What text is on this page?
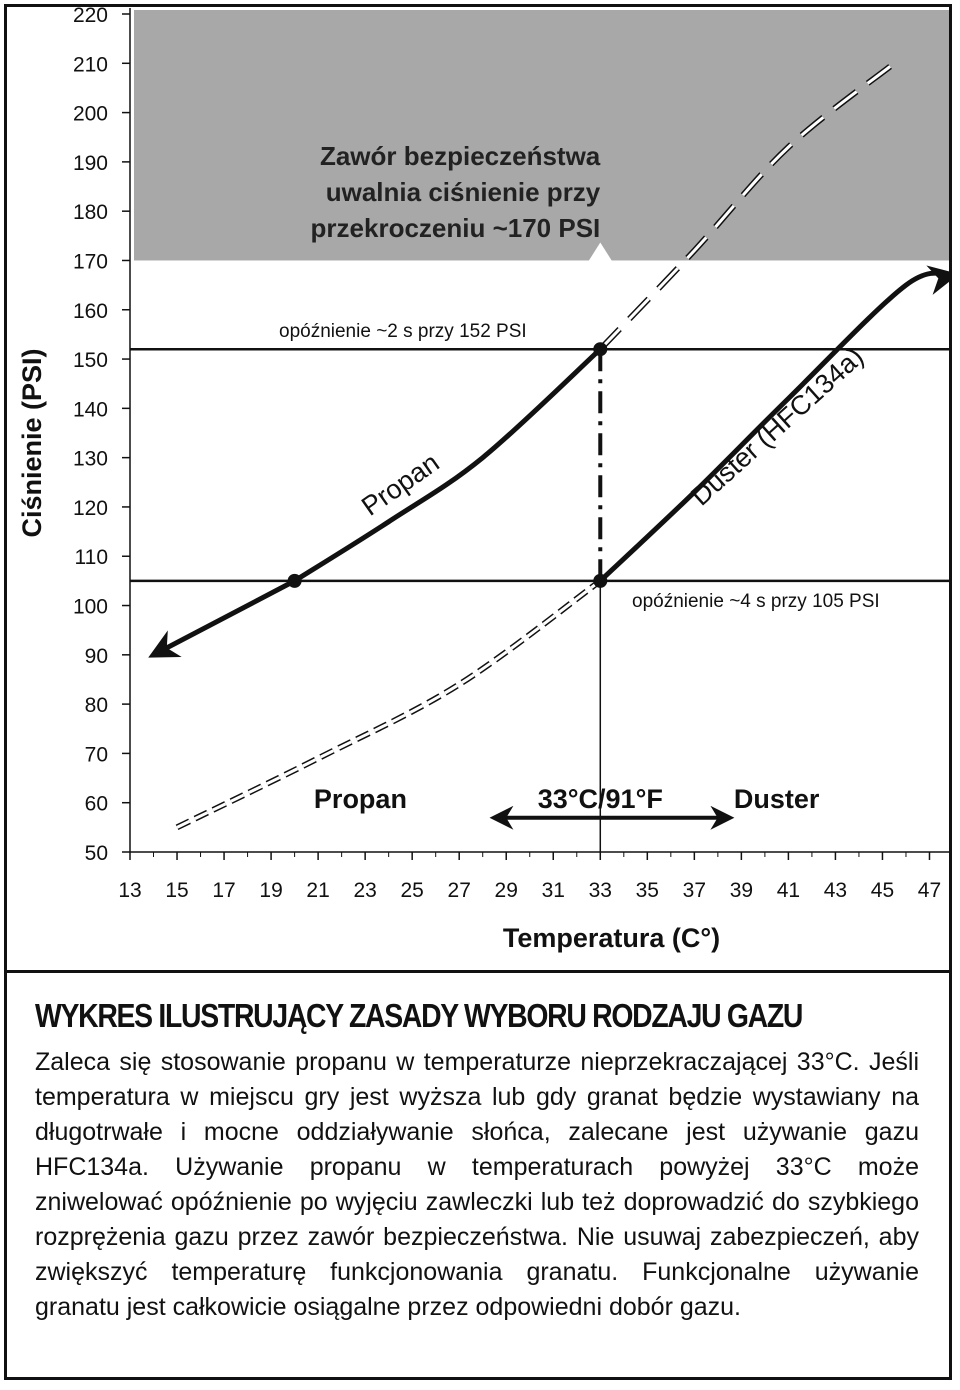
50
60
70
80
90
100
110
120
130
140
150
160
170
180
190
200
210
220
13 15 17 19 21 23 25 27 29 31 33 35 37 39 41 43 45 47
Temperatura (C°)
Ciśnienie (PSI)
opóźnienie ~2 s przy 152 PSI
opóźnienie ~4 s przy 105 PSI
Propan	Duster (HFC134a)
Zawór bezpieczeństwa
uwalnia ciśnienie przy
przekroczeniu ~170 PSI
Propan	33°C/91°F	Duster
WYKRES ILUSTRUJĄCY ZASADY WYBORU RODZAJU GAZU

Zaleca się stosowanie propanu w temperaturze nieprzekraczającej 33°C. Jeśli temperatura w miejscu gry jest wyższa lub gdy granat będzie wystawiany na długotrwałe i mocne oddziaływanie słońca, zalecane jest używanie gazu HFC134a. Używanie propanu w temperaturach powyżej 33°C może zniwelować opóźnienie po wyjęciu zawleczki lub też doprowadzić do szybkiego rozprężenia gazu przez zawór bezpieczeństwa. Nie usuwaj zabezpieczeń, aby zwiększyć temperaturę funkcjonowania granatu. Funkcjonalne używanie granatu jest całkowicie osiągalne przez odpowiedni dobór gazu.
